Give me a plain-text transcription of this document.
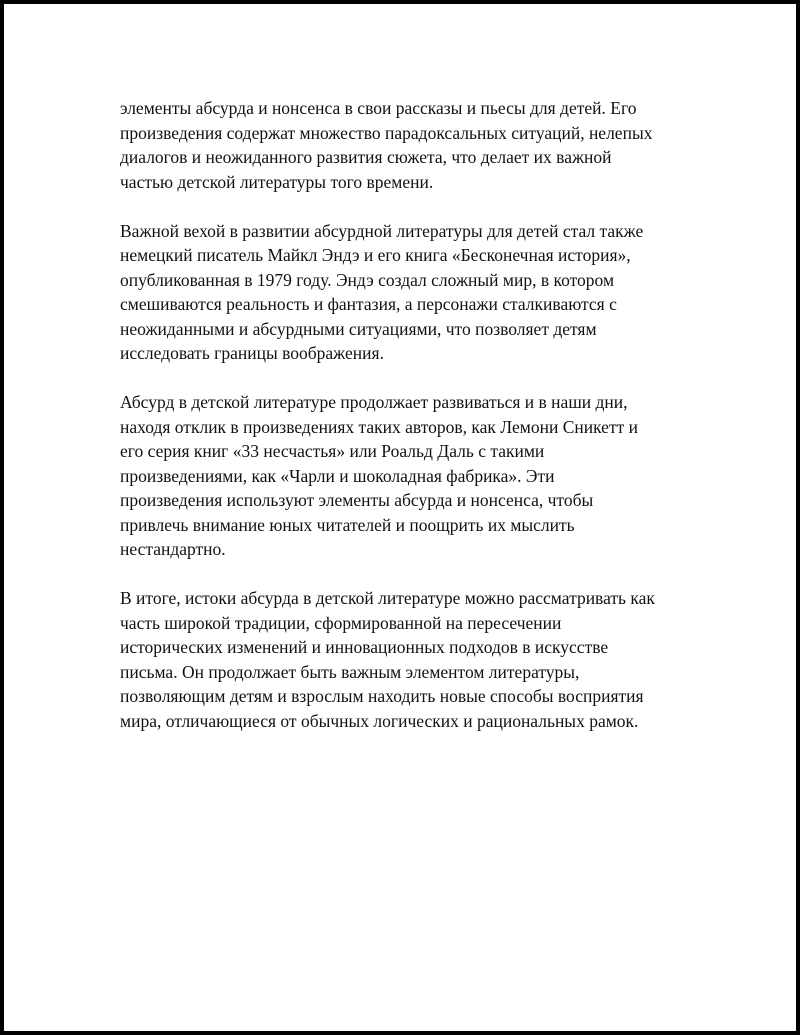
элементы абсурда и нонсенса в свои рассказы и пьесы для детей. Его
произведения содержат множество парадоксальных ситуаций, нелепых
диалогов и неожиданного развития сюжета, что делает их важной
частью детской литературы того времени.

Важной вехой в развитии абсурдной литературы для детей стал также
немецкий писатель Майкл Эндэ и его книга «Бесконечная история»,
опубликованная в 1979 году. Эндэ создал сложный мир, в котором
смешиваются реальность и фантазия, а персонажи сталкиваются с
неожиданными и абсурдными ситуациями, что позволяет детям
исследовать границы воображения.

Абсурд в детской литературе продолжает развиваться и в наши дни,
находя отклик в произведениях таких авторов, как Лемони Сникетт и
его серия книг «33 несчастья» или Роальд Даль с такими
произведениями, как «Чарли и шоколадная фабрика». Эти
произведения используют элементы абсурда и нонсенса, чтобы
привлечь внимание юных читателей и поощрить их мыслить
нестандартно.

В итоге, истоки абсурда в детской литературе можно рассматривать как
часть широкой традиции, сформированной на пересечении
исторических изменений и инновационных подходов в искусстве
письма. Он продолжает быть важным элементом литературы,
позволяющим детям и взрослым находить новые способы восприятия
мира, отличающиеся от обычных логических и рациональных рамок.
